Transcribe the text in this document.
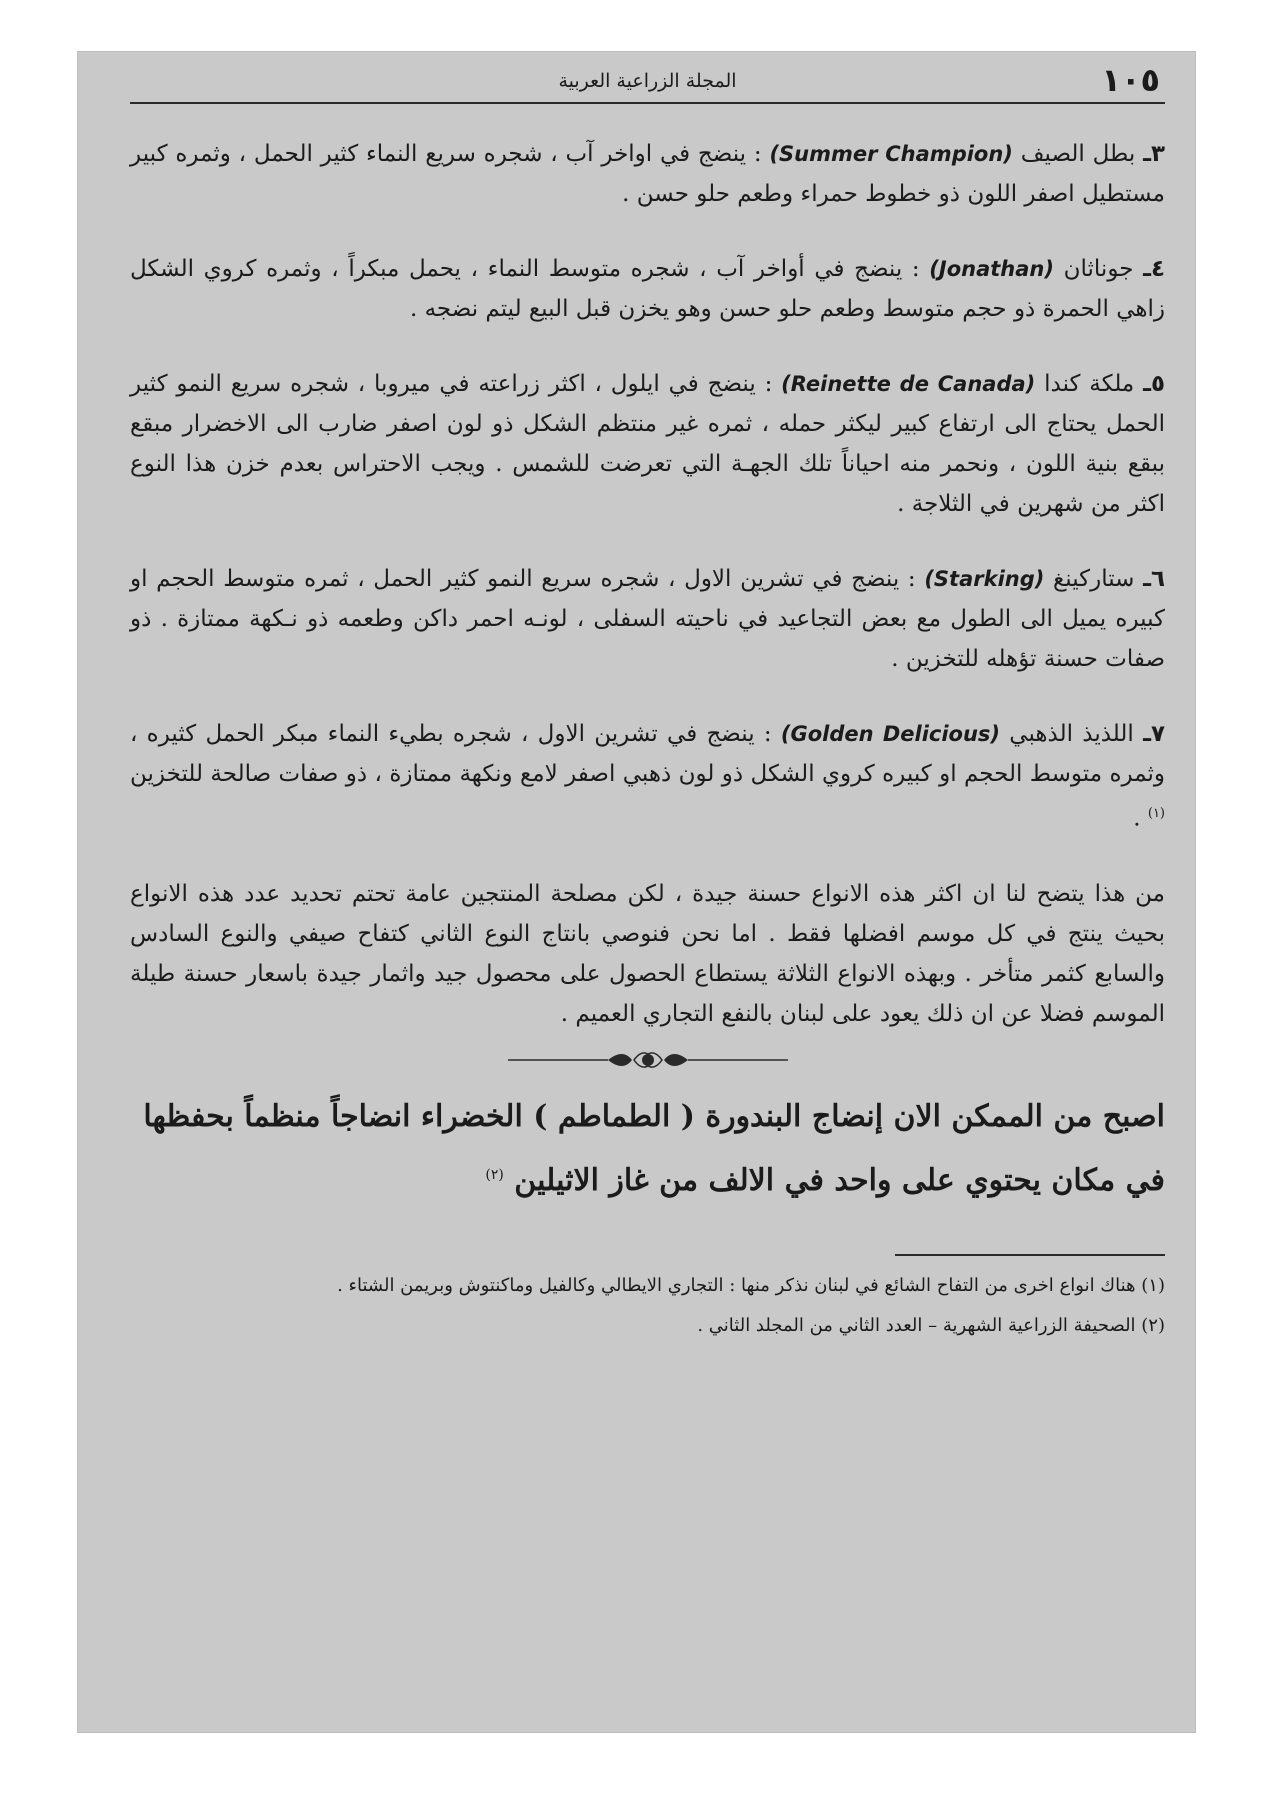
١٠٥
المجلة الزراعية العربية

٣ـ بطل الصيف (Summer Champion) : ينضج في اواخر آب ، شجره سريع النماء كثير الحمل ، وثمره كبير مستطيل اصفر اللون ذو خطوط حمراء وطعم حلو حسن .

٤ـ جوناثان (Jonathan) : ينضج في أواخر آب ، شجره متوسط النماء ، يحمل مبكراً ، وثمره كروي الشكل زاهي الحمرة ذو حجم متوسط وطعم حلو حسن وهو يخزن قبل البيع ليتم نضجه .

٥ـ ملكة كندا (Reinette de Canada) : ينضج في ايلول ، اكثر زراعته في ميروبا ، شجره سريع النمو كثير الحمل يحتاج الى ارتفاع كبير ليكثر حمله ، ثمره غير منتظم الشكل ذو لون اصفر ضارب الى الاخضرار مبقع ببقع بنية اللون ، ونحمر منه احياناً تلك الجهـة التي تعرضت للشمس . ويجب الاحتراس بعدم خزن هذا النوع اكثر من شهرين في الثلاجة .

٦ـ ستاركينغ (Starking) : ينضج في تشرين الاول ، شجره سريع النمو كثير الحمل ، ثمره متوسط الحجم او كبيره يميل الى الطول مع بعض التجاعيد في ناحيته السفلى ، لونـه احمر داكن وطعمه ذو نـكهة ممتازة . ذو صفات حسنة تؤهله للتخزين .

٧ـ اللذيذ الذهبي (Golden Delicious) : ينضج في تشرين الاول ، شجره بطيء النماء مبكر الحمل كثيره ، وثمره متوسط الحجم او كبيره كروي الشكل ذو لون ذهبي اصفر لامع ونكهة ممتازة ، ذو صفات صالحة للتخزين $^{(١)}$ .

من هذا يتضح لنا ان اكثر هذه الانواع حسنة جيدة ، لكن مصلحة المنتجين عامة تحتم تحديد عدد هذه الانواع بحيث ينتج في كل موسم افضلها فقط . اما نحن فنوصي بانتاج النوع الثاني كتفاح صيفي والنوع السادس والسابع كثمر متأخر . وبهذه الانواع الثلاثة يستطاع الحصول على محصول جيد واثمار جيدة باسعار حسنة طيلة الموسم فضلا عن ان ذلك يعود على لبنان بالنفع التجاري العميم .

اصبح من الممكن الان إنضاج البندورة ( الطماطم ) الخضراء انضاجاً منظماً بحفظها في مكان يحتوي على واحد في الالف من غاز الاثيلين $^{(٢)}$

(١) هناك انواع اخرى من التفاح الشائع في لبنان نذكر منها : التجاري الايطالي وكالفيل وماكنتوش وبريمن الشتاء .

(٢) الصحيفة الزراعية الشهرية – العدد الثاني من المجلد الثاني .
